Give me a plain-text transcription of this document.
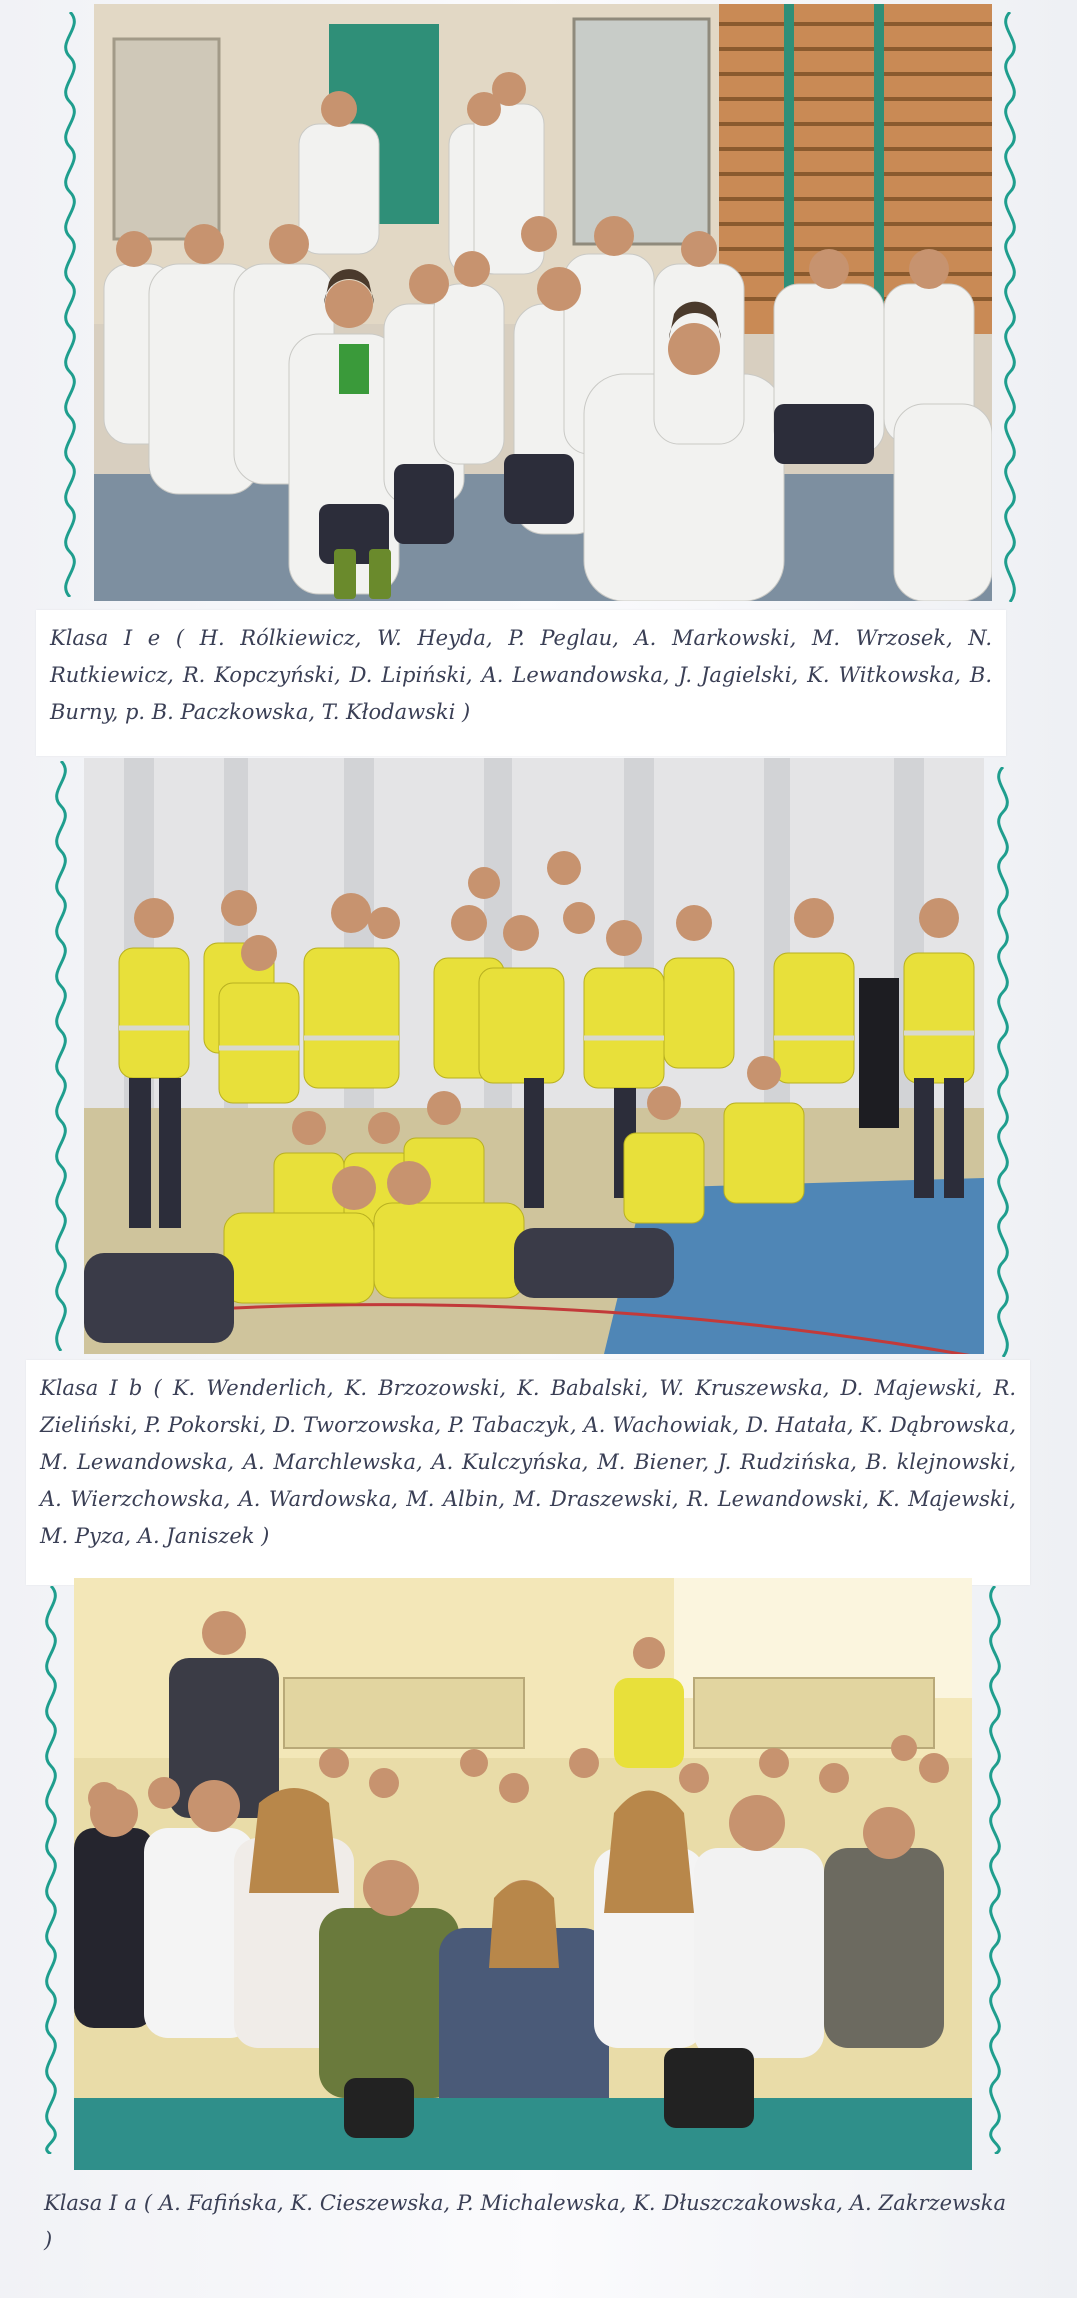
Klasa I e ( H. Rólkiewicz, W. Heyda, P. Peglau, A. Markowski, M. Wrzosek, N. Rutkiewicz, R. Kopczyński, D. Lipiński, A. Lewandowska, J. Jagielski, K. Witkowska, B. Burny, p. B. Paczkowska, T. Kłodawski )
Klasa I b ( K. Wenderlich, K. Brzozowski, K. Babalski, W. Kruszewska, D. Majewski, R. Zieliński, P. Pokorski, D. Tworzowska, P. Tabaczyk, A. Wachowiak, D. Hatała, K. Dąbrowska, M. Lewandowska, A. Marchlewska, A. Kulczyńska, M. Biener, J. Rudzińska, B. klejnowski, A. Wierzchowska, A. Wardowska, M. Albin, M. Draszewski, R. Lewandowski, K. Majewski, M. Pyza, A. Janiszek )
Klasa I a ( A. Fafińska, K. Cieszewska, P. Michalewska, K. Dłuszczakowska, A. Zakrzewska )
